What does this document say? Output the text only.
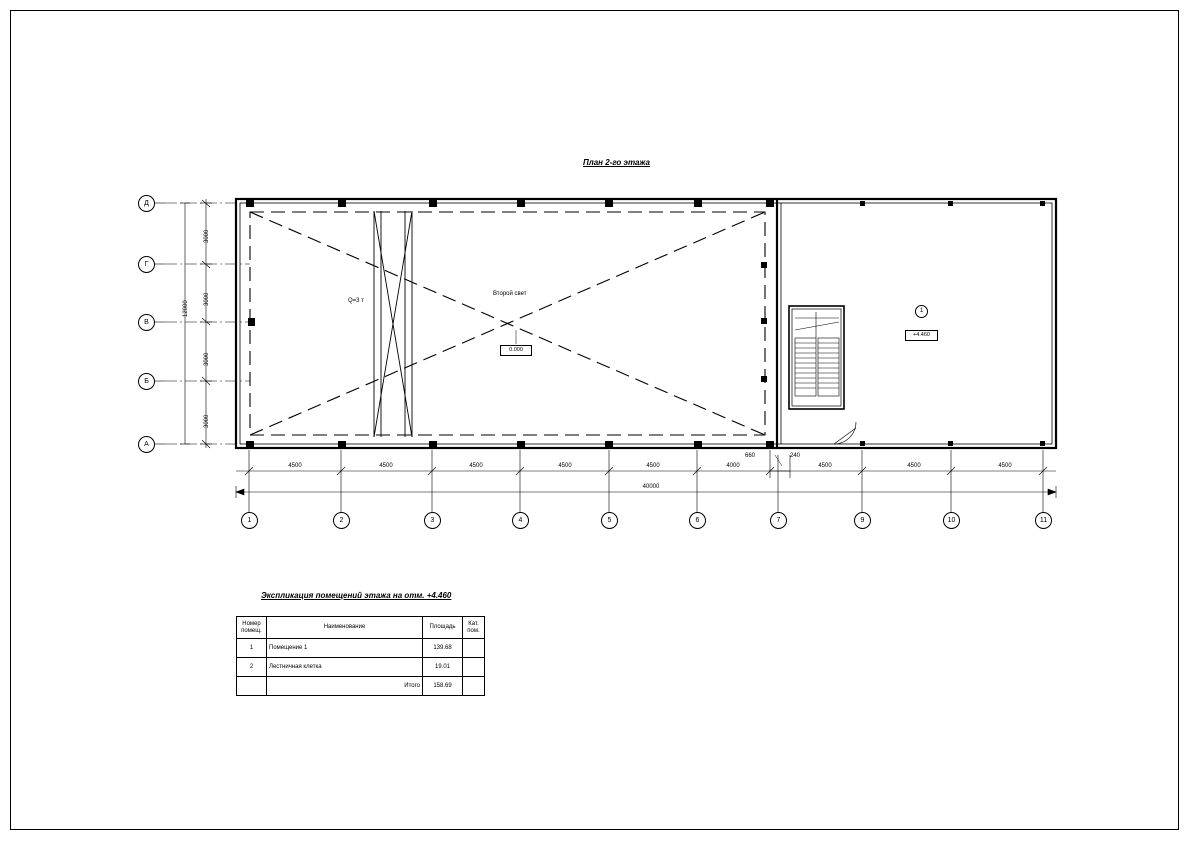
План 2-го этажа
Экспликация помещений этажа на отм. +4.460
Д
Г
В
Б
А
1	2	3	4	5	6	7	9	10	11
3000
3000
3000
3000
12000
4500	4500	4500	4500	4500	4000	4500	4500	4500
660	240
40000
Q=3 т
Второй свет
0.000
+4.460
1
Номер
помещ.	Наименование	Площадь	Кат.
пом.
1	Помещение 1	139.68	
2	Лестничная клетка	19.01	
	Итого	158.69	
